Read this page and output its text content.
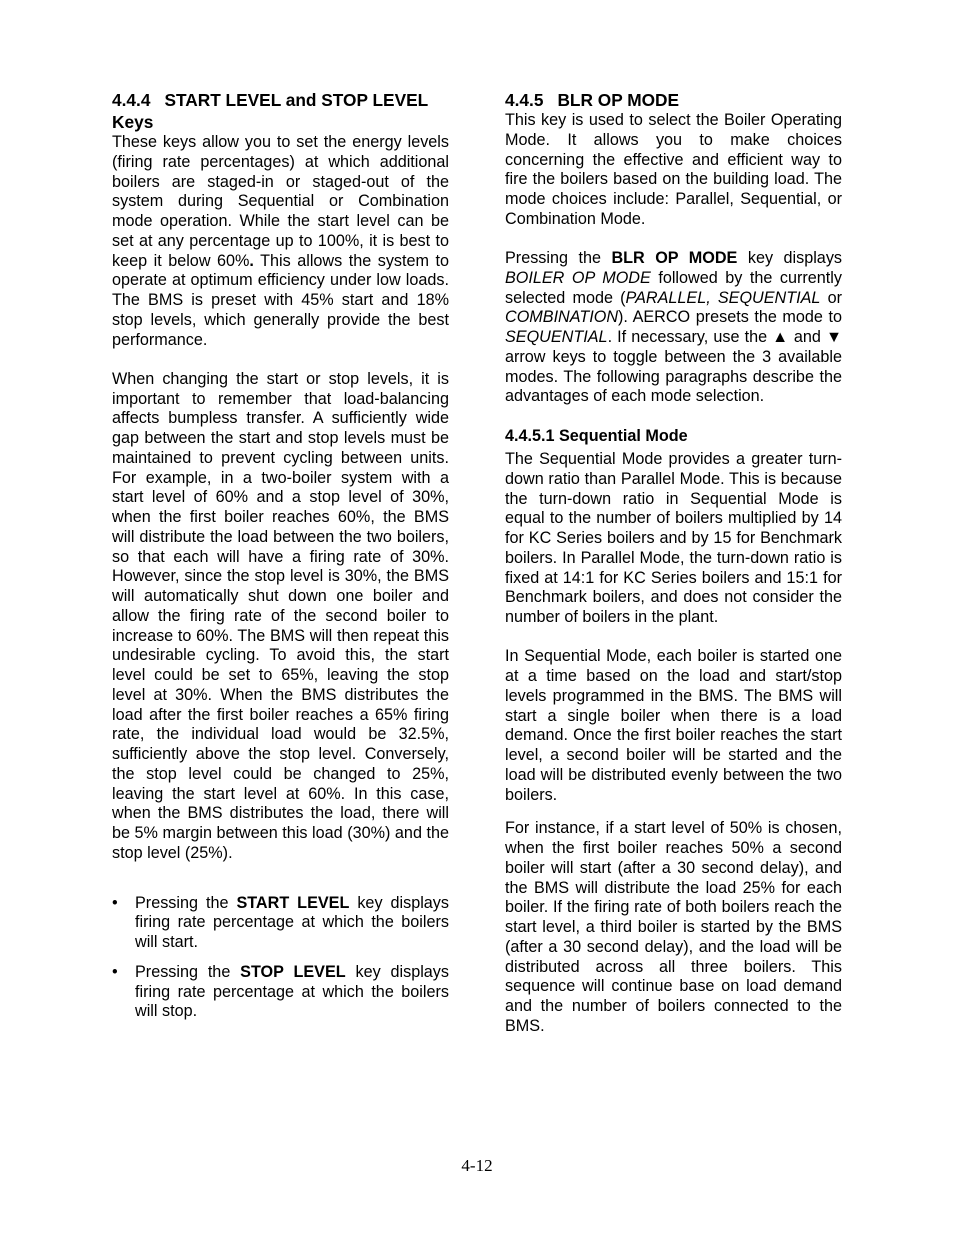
4.4.4 START LEVEL and STOP LEVEL Keys

These keys allow you to set the energy levels (firing rate percentages) at which additional boilers are staged-in or staged-out of the system during Sequential or Combination mode operation. While the start level can be set at any percentage up to 100%, it is best to keep it below 60%. This allows the system to operate at optimum efficiency under low loads. The BMS is preset with 45% start and 18% stop levels, which generally provide the best performance.

When changing the start or stop levels, it is important to remember that load-balancing affects bumpless transfer. A sufficiently wide gap between the start and stop levels must be maintained to prevent cycling between units. For example, in a two-boiler system with a start level of 60% and a stop level of 30%, when the first boiler reaches 60%, the BMS will distribute the load between the two boilers, so that each will have a firing rate of 30%. However, since the stop level is 30%, the BMS will automatically shut down one boiler and allow the firing rate of the second boiler to increase to 60%. The BMS will then repeat this undesirable cycling. To avoid this, the start level could be set to 65%, leaving the stop level at 30%. When the BMS distributes the load after the first boiler reaches a 65% firing rate, the individual load would be 32.5%, sufficiently above the stop level. Conversely, the stop level could be changed to 25%, leaving the start level at 60%. In this case, when the BMS distributes the load, there will be 5% margin between this load (30%) and the stop level (25%).

• Pressing the START LEVEL key displays firing rate percentage at which the boilers will start.
• Pressing the STOP LEVEL key displays firing rate percentage at which the boilers will stop.
4.4.5 BLR OP MODE

This key is used to select the Boiler Operating Mode. It allows you to make choices concerning the effective and efficient way to fire the boilers based on the building load. The mode choices include: Parallel, Sequential, or Combination Mode.

Pressing the BLR OP MODE key displays BOILER OP MODE followed by the currently selected mode (PARALLEL, SEQUENTIAL or COMBINATION). AERCO presets the mode to SEQUENTIAL. If necessary, use the ▲ and ▼ arrow keys to toggle between the 3 available modes. The following paragraphs describe the advantages of each mode selection.

4.4.5.1 Sequential Mode

The Sequential Mode provides a greater turn-down ratio than Parallel Mode. This is because the turn-down ratio in Sequential Mode is equal to the number of boilers multiplied by 14 for KC Series boilers and by 15 for Benchmark boilers. In Parallel Mode, the turn-down ratio is fixed at 14:1 for KC Series boilers and 15:1 for Benchmark boilers, and does not consider the number of boilers in the plant.

In Sequential Mode, each boiler is started one at a time based on the load and start/stop levels programmed in the BMS. The BMS will start a single boiler when there is a load demand. Once the first boiler reaches the start level, a second boiler will be started and the load will be distributed evenly between the two boilers.

For instance, if a start level of 50% is chosen, when the first boiler reaches 50% a second boiler will start (after a 30 second delay), and the BMS will distribute the load 25% for each boiler. If the firing rate of both boilers reach the start level, a third boiler is started by the BMS (after a 30 second delay), and the load will be distributed across all three boilers. This sequence will continue base on load demand and the number of boilers connected to the BMS.

4-12
